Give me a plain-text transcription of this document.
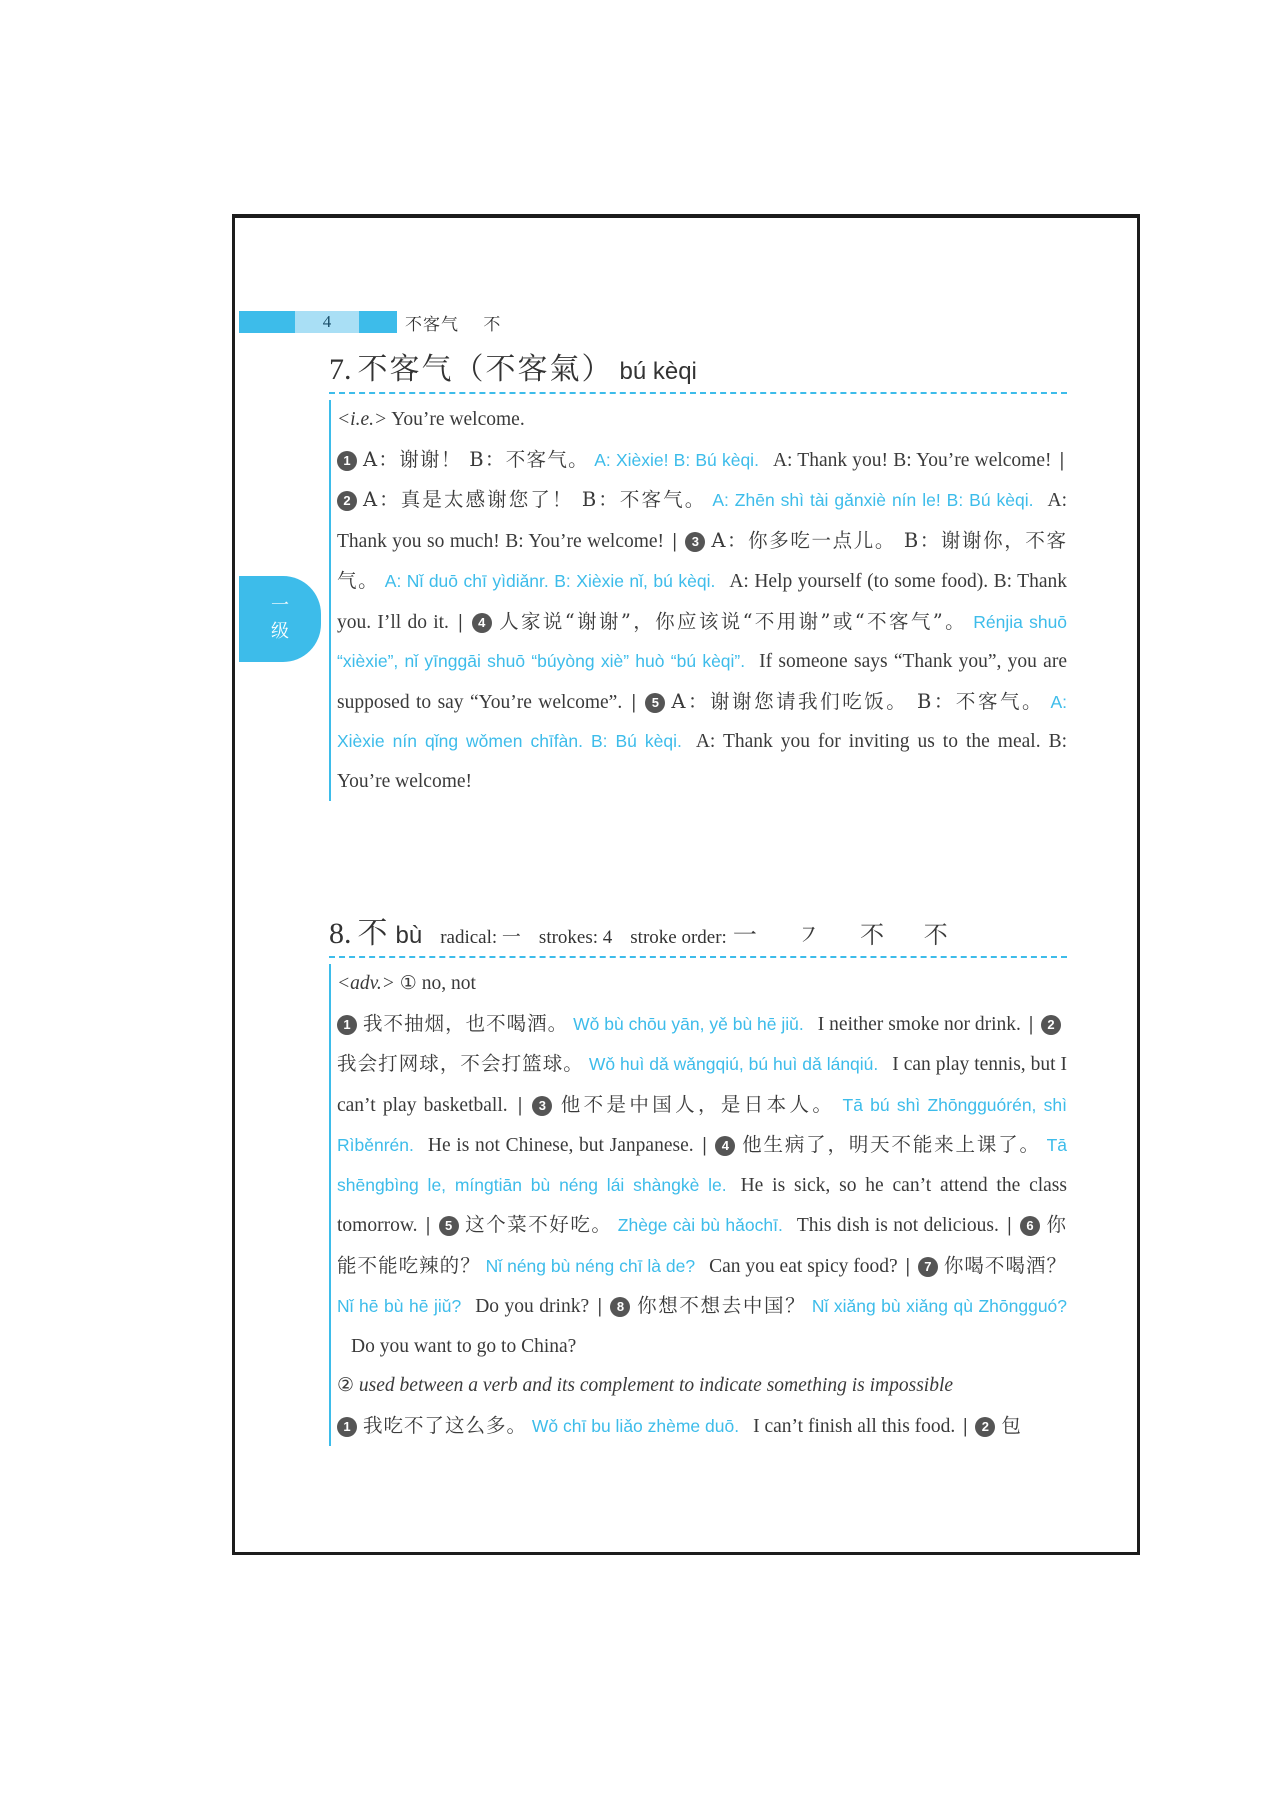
4	不客气 不
一
级
7. 不客气（不客氣） bú kèqi

<i.e.> You’re welcome.

1 A：谢谢！ B：不客气。 A: Xièxie! B: Bú kèqi. A: Thank you! B: You’re welcome! | 2 A：真是太感谢您了！ B：不客气。 A: Zhēn shì tài gǎnxiè nín le! B: Bú kèqi. A: Thank you so much! B: You’re welcome! | 3 A：你多吃一点儿。 B：谢谢你，不客气。 A: Nǐ duō chī yìdiǎnr. B: Xièxie nǐ, bú kèqi. A: Help yourself (to some food). B: Thank you. I’ll do it. | 4 人家说“谢谢”，你应该说“不用谢”或“不客气”。 Rénjia shuō “xièxie”, nǐ yīnggāi shuō “búyòng xiè” huò “bú kèqi”. If someone says “Thank you”, you are supposed to say “You’re welcome”. | 5 A：谢谢您请我们吃饭。 B：不客气。 A: Xièxie nín qǐng wǒmen chīfàn. B: Bú kèqi. A: Thank you for inviting us to the meal. B: You’re welcome!

8. 不 bù radical: 一 strokes: 4 stroke order: 一 ㇇ 不 不

<adv.> ① no, not

1 我不抽烟，也不喝酒。 Wǒ bù chōu yān, yě bù hē jiǔ. I neither smoke nor drink. | 2我会打网球，不会打篮球。 Wǒ huì dǎ wǎngqiú, bú huì dǎ lánqiú. I can play tennis, but I can’t play basketball. | 3 他不是中国人，是日本人。 Tā bú shì Zhōngguórén, shì Rìběnrén. He is not Chinese, but Janpanese. | 4 他生病了，明天不能来上课了。 Tā shēngbìng le, míngtiān bù néng lái shàngkè le. He is sick, so he can’t attend the class tomorrow. | 5 这个菜不好吃。 Zhège cài bù hǎochī. This dish is not delicious. | 6 你能不能吃辣的？ Nǐ néng bù néng chī là de? Can you eat spicy food? | 7 你喝不喝酒？ Nǐ hē bù hē jiǔ? Do you drink? | 8 你想不想去中国？ Nǐ xiǎng bù xiǎng qù Zhōngguó?Do you want to go to China?

② used between a verb and its complement to indicate something is impossible

1 我吃不了这么多。 Wǒ chī bu liǎo zhème duō. I can’t finish all this food. | 2 包
